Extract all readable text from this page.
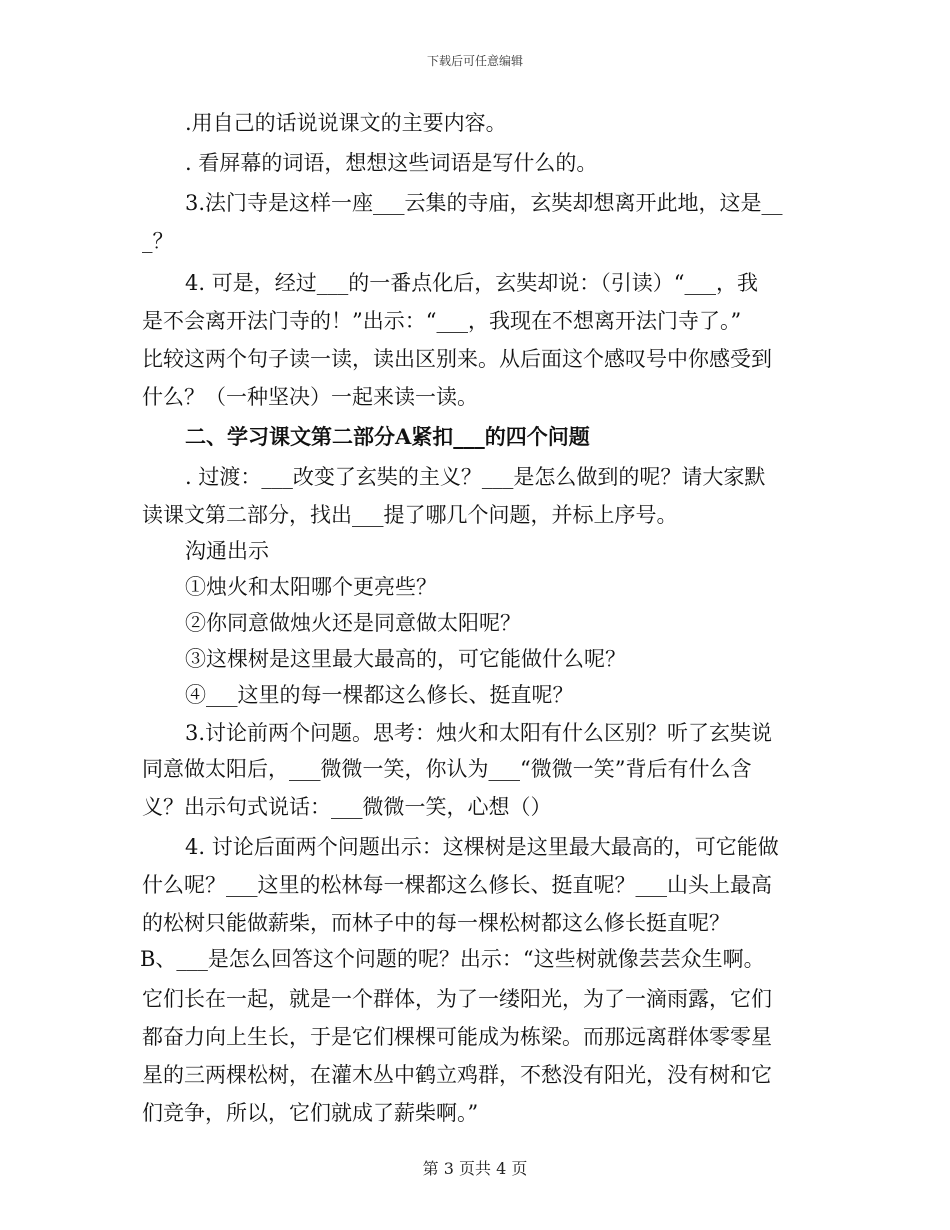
下载后可任意编辑
.用自己的话说说课文的主要内容。
. 看屏幕的词语，想想这些词语是写什么的。
3.法门寺是这样一座___云集的寺庙，玄奘却想离开此地，这是__
_？
4. 可是，经过___的一番点化后，玄奘却说：（引读）“___，我
是不会离开法门寺的！”出示：“___，我现在不想离开法门寺了。”
比较这两个句子读一读，读出区别来。从后面这个感叹号中你感受到
什么？（一种坚决）一起来读一读。
二、学习课文第二部分A紧扣___的四个问题
. 过渡：___改变了玄奘的主义？___是怎么做到的呢？请大家默
读课文第二部分，找出___提了哪几个问题，并标上序号。
沟通出示
①烛火和太阳哪个更亮些？
②你同意做烛火还是同意做太阳呢？
③这棵树是这里最大最高的，可它能做什么呢？
④___这里的每一棵都这么修长、挺直呢？
3.讨论前两个问题。思考：烛火和太阳有什么区别？听了玄奘说
同意做太阳后，___微微一笑，你认为___“微微一笑”背后有什么含
义？出示句式说话：___微微一笑，心想（）
4. 讨论后面两个问题出示：这棵树是这里最大最高的，可它能做
什么呢？___这里的松林每一棵都这么修长、挺直呢？___山头上最高
的松树只能做薪柴，而林子中的每一棵松树都这么修长挺直呢？
B、___是怎么回答这个问题的呢？出示：“这些树就像芸芸众生啊。
它们长在一起，就是一个群体，为了一缕阳光，为了一滴雨露，它们
都奋力向上生长，于是它们棵棵可能成为栋梁。而那远离群体零零星
星的三两棵松树，在灌木丛中鹤立鸡群，不愁没有阳光，没有树和它
们竞争，所以，它们就成了薪柴啊。”
第 3 页共 4 页
